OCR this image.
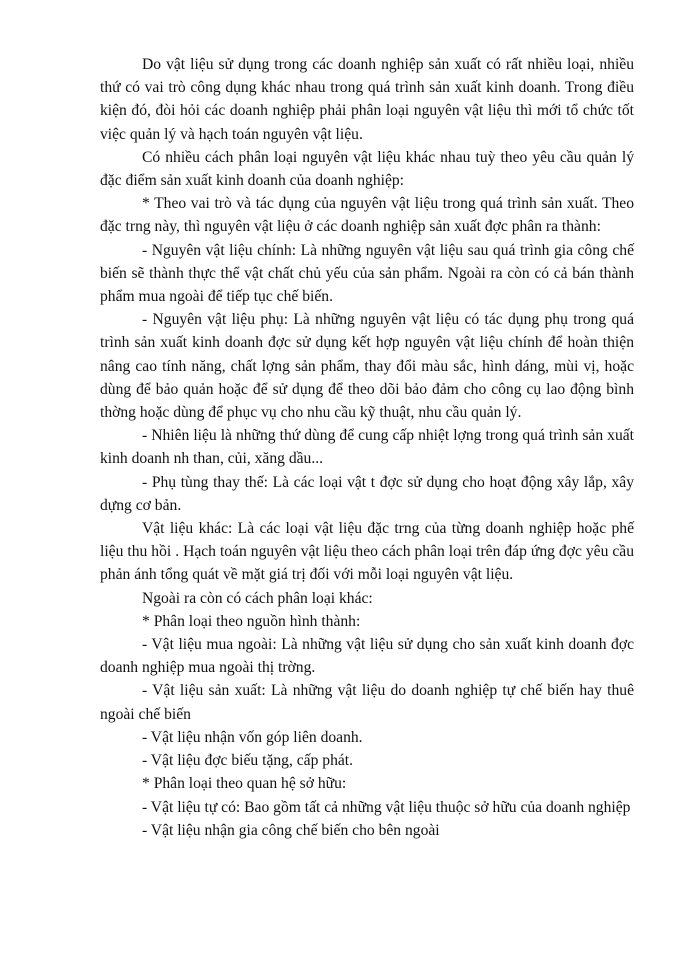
Do vật liệu sử dụng trong các doanh nghiệp sản xuất có rất nhiều loại, nhiều thứ có vai trò công dụng khác nhau trong quá trình sản xuất kinh doanh. Trong điều kiện đó, đòi hỏi các doanh nghiệp phải phân loại nguyên vật liệu thì mới tổ chức tốt việc quản lý và hạch toán nguyên vật liệu.

Có nhiều cách phân loại nguyên vật liệu khác nhau tuỳ theo yêu cầu quản lý đặc điểm sản xuất kinh doanh của doanh nghiệp:

* Theo vai trò và tác dụng của nguyên vật liệu trong quá trình sản xuất. Theo đặc trng này, thì nguyên vật liệu ở các doanh nghiệp sản xuất đợc phân ra thành:

- Nguyên vật liệu chính: Là những nguyên vật liệu sau quá trình gia công chế biến sẽ thành thực thể vật chất chủ yếu của sản phẩm. Ngoài ra còn có cả bán thành phẩm mua ngoài để tiếp tục chế biến.

- Nguyên vật liệu phụ: Là những nguyên vật liệu có tác dụng phụ trong quá trình sản xuất kinh doanh đợc sử dụng kết hợp nguyên vật liệu chính để hoàn thiện nâng cao tính năng, chất lợng sản phẩm, thay đổi màu sắc, hình dáng, mùi vị, hoặc dùng để bảo quản hoặc để sử dụng để theo dõi bảo đảm cho công cụ lao động bình thờng hoặc dùng để phục vụ cho nhu cầu kỹ thuật, nhu cầu quản lý.

- Nhiên liệu là những thứ dùng để cung cấp nhiệt lợng trong quá trình sản xuất kinh doanh nh than, củi, xăng dầu...

- Phụ tùng thay thế: Là các loại vật t đợc sử dụng cho hoạt động xây lắp, xây dựng cơ bản.

Vật liệu khác: Là các loại vật liệu đặc trng của từng doanh nghiệp hoặc phế liệu thu hồi . Hạch toán nguyên vật liệu theo cách phân loại trên đáp ứng đợc yêu cầu phản ánh tổng quát về mặt giá trị đối với mỗi loại nguyên vật liệu.

Ngoài ra còn có cách phân loại khác:

* Phân loại theo nguồn hình thành:

- Vật liệu mua ngoài: Là những vật liệu sử dụng cho sản xuất kinh doanh đợc doanh nghiệp mua ngoài thị trờng.

- Vật liệu sản xuất: Là những vật liệu do doanh nghiệp tự chế biến hay thuê ngoài chế biến

- Vật liệu nhận vốn góp liên doanh.

- Vật liệu đợc biếu tặng, cấp phát.

* Phân loại theo quan hệ sở hữu:

- Vật liệu tự có: Bao gồm tất cả những vật liệu thuộc sở hữu của doanh nghiệp

- Vật liệu nhận gia công chế biến cho bên ngoài
